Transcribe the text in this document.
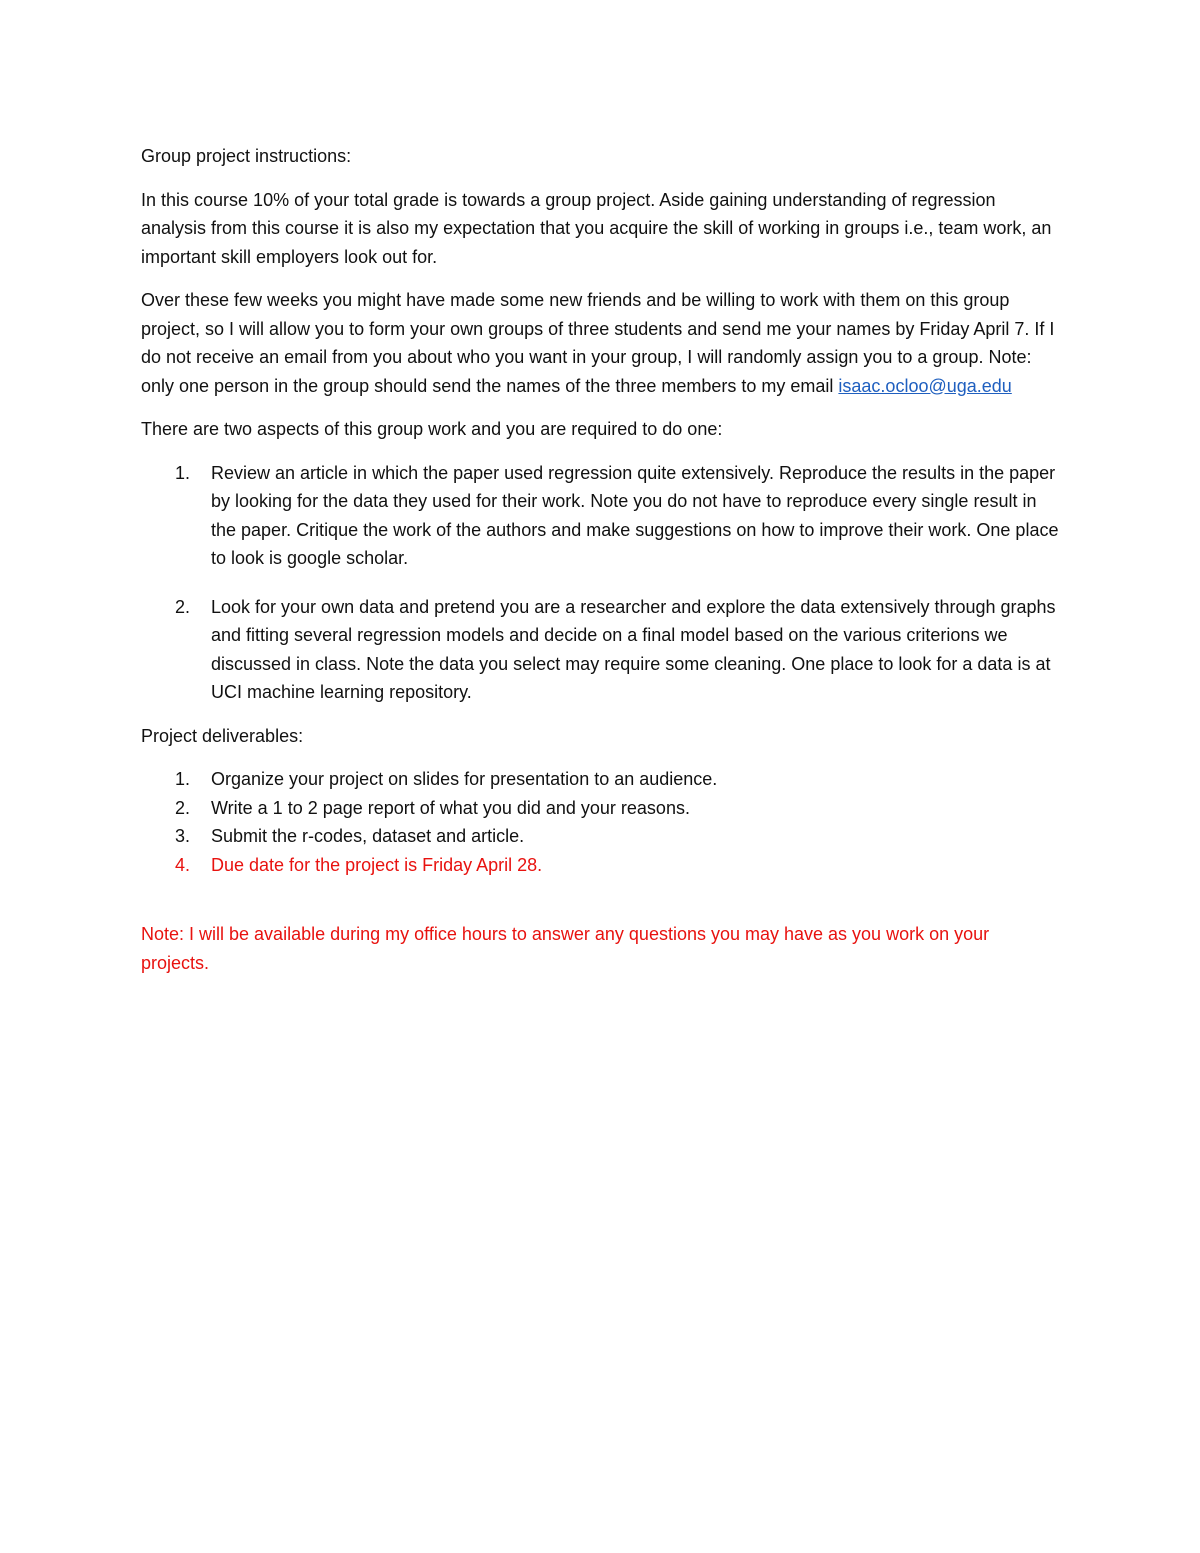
Group project instructions:

In this course 10% of your total grade is towards a group project. Aside gaining understanding of regression analysis from this course it is also my expectation that you acquire the skill of working in groups i.e., team work, an important skill employers look out for.

Over these few weeks you might have made some new friends and be willing to work with them on this group project, so I will allow you to form your own groups of three students and send me your names by Friday April 7. If I do not receive an email from you about who you want in your group, I will randomly assign you to a group. Note: only one person in the group should send the names of the three members to my email isaac.ocloo@uga.edu

There are two aspects of this group work and you are required to do one:

1. Review an article in which the paper used regression quite extensively. Reproduce the results in the paper by looking for the data they used for their work. Note you do not have to reproduce every single result in the paper. Critique the work of the authors and make suggestions on how to improve their work. One place to look is google scholar.
2. Look for your own data and pretend you are a researcher and explore the data extensively through graphs and fitting several regression models and decide on a final model based on the various criterions we discussed in class. Note the data you select may require some cleaning. One place to look for a data is at UCI machine learning repository.

Project deliverables:

1. Organize your project on slides for presentation to an audience.
2. Write a 1 to 2 page report of what you did and your reasons.
3. Submit the r-codes, dataset and article.
4. Due date for the project is Friday April 28.

Note: I will be available during my office hours to answer any questions you may have as you work on your projects.
